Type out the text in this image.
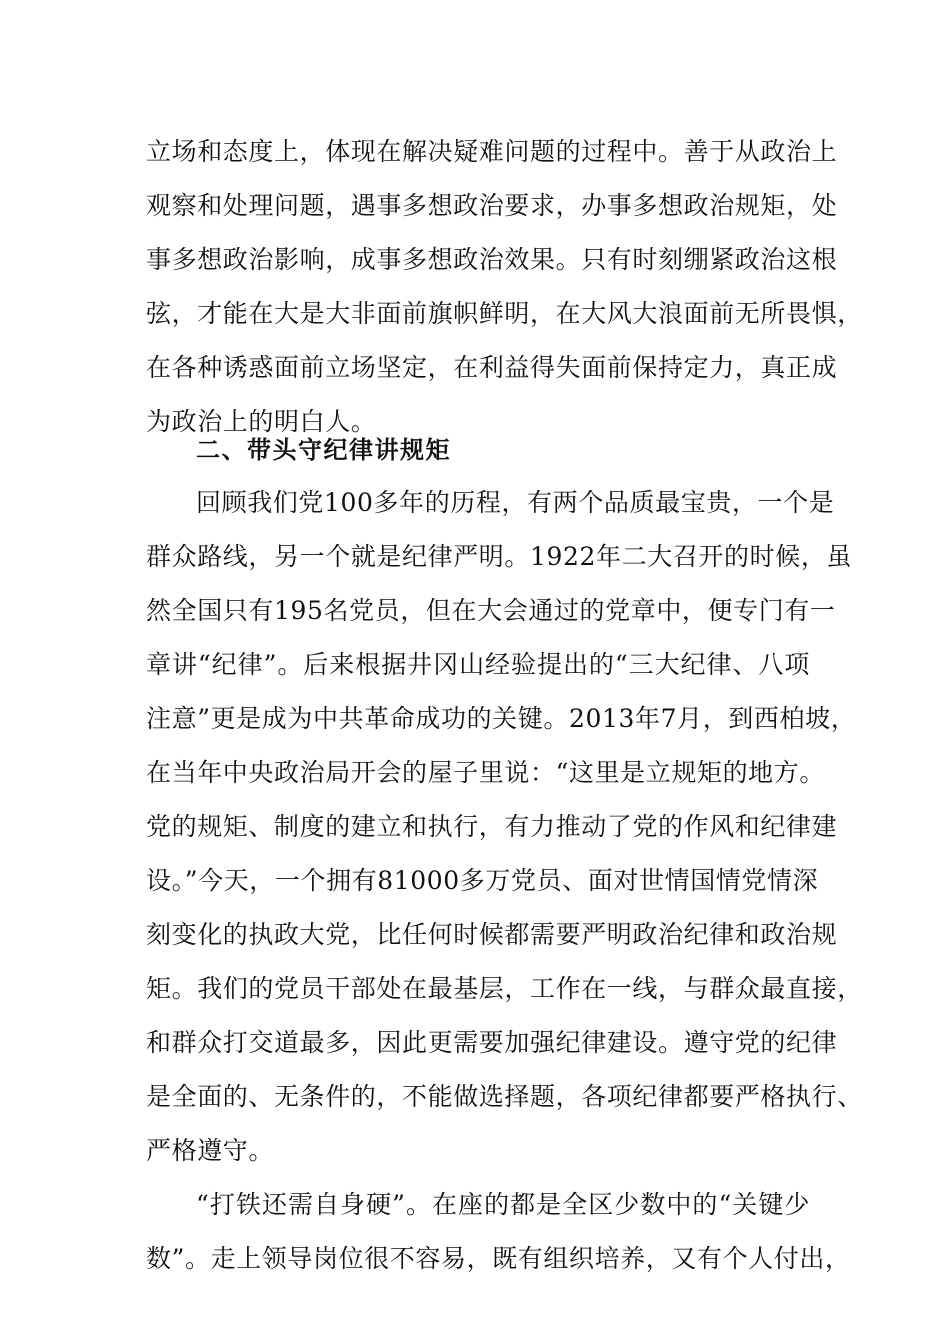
立场和态度上，体现在解决疑难问题的过程中。善于从政治上
观察和处理问题，遇事多想政治要求，办事多想政治规矩，处
事多想政治影响，成事多想政治效果。只有时刻绷紧政治这根
弦，才能在大是大非面前旗帜鲜明，在大风大浪面前无所畏惧，
在各种诱惑面前立场坚定，在利益得失面前保持定力，真正成
为政治上的明白人。
二、带头守纪律讲规矩
回顾我们党100多年的历程，有两个品质最宝贵，一个是
群众路线，另一个就是纪律严明。1922年二大召开的时候，虽
然全国只有195名党员，但在大会通过的党章中，便专门有一
章讲“纪律”。后来根据井冈山经验提出的“三大纪律、八项
注意”更是成为中共革命成功的关键。2013年7月，到西柏坡，
在当年中央政治局开会的屋子里说：“这里是立规矩的地方。
党的规矩、制度的建立和执行，有力推动了党的作风和纪律建
设。”今天，一个拥有81000多万党员、面对世情国情党情深
刻变化的执政大党，比任何时候都需要严明政治纪律和政治规
矩。我们的党员干部处在最基层，工作在一线，与群众最直接，
和群众打交道最多，因此更需要加强纪律建设。遵守党的纪律
是全面的、无条件的，不能做选择题，各项纪律都要严格执行、
严格遵守。
“打铁还需自身硬”。在座的都是全区少数中的“关键少
数”。走上领导岗位很不容易，既有组织培养，又有个人付出，
